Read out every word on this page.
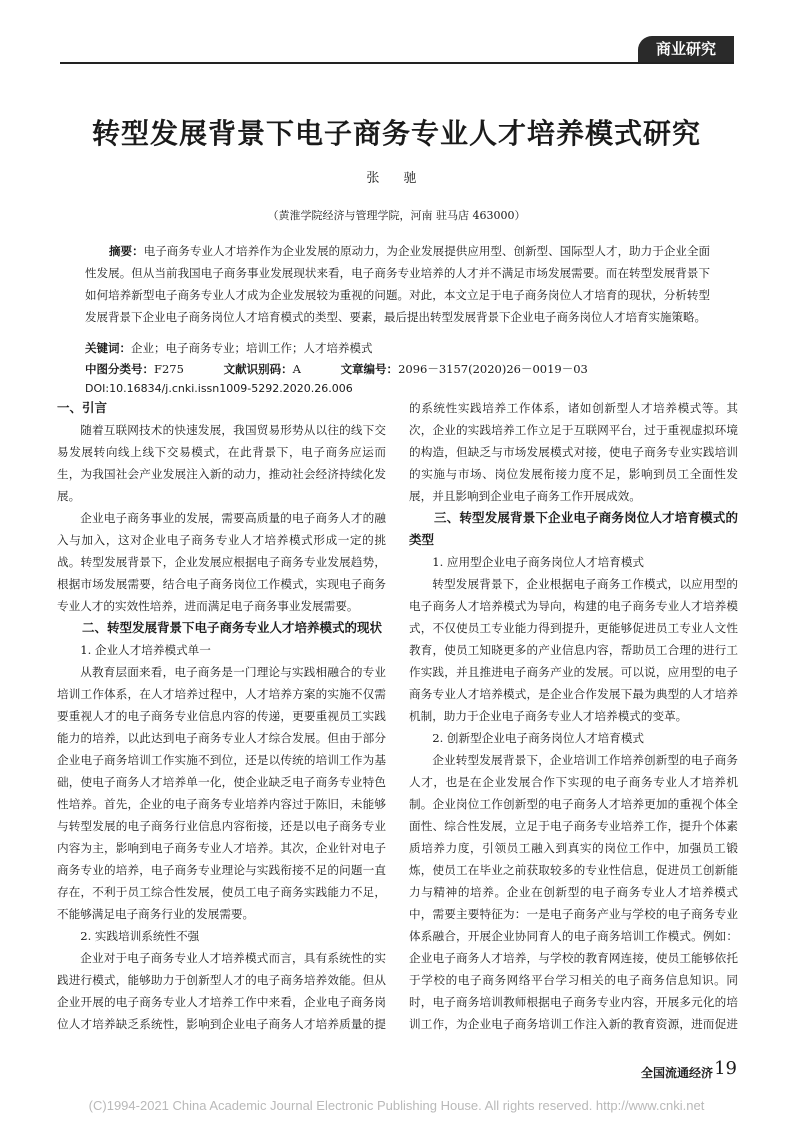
商业研究
转型发展背景下电子商务专业人才培养模式研究
张 驰
（黄淮学院经济与管理学院，河南 驻马店 463000）
摘要：电子商务专业人才培养作为企业发展的原动力，为企业发展提供应用型、创新型、国际型人才，助力于企业全面性发展。但从当前我国电子商务事业发展现状来看，电子商务专业培养的人才并不满足市场发展需要。而在转型发展背景下如何培养新型电子商务专业人才成为企业发展较为重视的问题。对此，本文立足于电子商务岗位人才培育的现状，分析转型发展背景下企业电子商务岗位人才培育模式的类型、要素，最后提出转型发展背景下企业电子商务岗位人才培育实施策略。
关键词：企业；电子商务专业；培训工作；人才培养模式
中图分类号：F275	文献识别码：A	文章编号：2096－3157(2020)26－0019－03
DOI:10.16834/j.cnki.issn1009-5292.2020.26.006

一、引言

随着互联网技术的快速发展，我国贸易形势从以往的线下交易发展转向线上线下交易模式，在此背景下，电子商务应运而生，为我国社会产业发展注入新的动力，推动社会经济持续化发展。

企业电子商务事业的发展，需要高质量的电子商务人才的融入与加入，这对企业电子商务专业人才培养模式形成一定的挑战。转型发展背景下，企业发展应根据电子商务专业发展趋势，根据市场发展需要，结合电子商务岗位工作模式，实现电子商务专业人才的实效性培养，进而满足电子商务事业发展需要。

二、转型发展背景下电子商务专业人才培养模式的现状

1. 企业人才培养模式单一

从教育层面来看，电子商务是一门理论与实践相融合的专业培训工作体系，在人才培养过程中，人才培养方案的实施不仅需要重视人才的电子商务专业信息内容的传递，更要重视员工实践能力的培养，以此达到电子商务专业人才综合发展。但由于部分企业电子商务培训工作实施不到位，还是以传统的培训工作为基础，使电子商务人才培养单一化，使企业缺乏电子商务专业特色性培养。首先，企业的电子商务专业培养内容过于陈旧，未能够与转型发展的电子商务行业信息内容衔接，还是以电子商务专业内容为主，影响到电子商务专业人才培养。其次，企业针对电子商务专业的培养，电子商务专业理论与实践衔接不足的问题一直存在，不利于员工综合性发展，使员工电子商务实践能力不足，不能够满足电子商务行业的发展需要。

2. 实践培训系统性不强

企业对于电子商务专业人才培养模式而言，具有系统性的实践进行模式，能够助力于创新型人才的电子商务培养效能。但从企业开展的电子商务专业人才培养工作中来看，企业电子商务岗位人才培养缺乏系统性，影响到企业电子商务人才培养质量的提

的系统性实践培养工作体系，诸如创新型人才培养模式等。其次，企业的实践培养工作立足于互联网平台，过于重视虚拟环境的构造，但缺乏与市场发展模式对接，使电子商务专业实践培训的实施与市场、岗位发展衔接力度不足，影响到员工全面性发展，并且影响到企业电子商务工作开展成效。

三、转型发展背景下企业电子商务岗位人才培育模式的类型

1. 应用型企业电子商务岗位人才培育模式

转型发展背景下，企业根据电子商务工作模式，以应用型的电子商务人才培养模式为导向，构建的电子商务专业人才培养模式，不仅使员工专业能力得到提升，更能够促进员工专业人文性教育，使员工知晓更多的产业信息内容，帮助员工合理的进行工作实践，并且推进电子商务产业的发展。可以说，应用型的电子商务专业人才培养模式，是企业合作发展下最为典型的人才培养机制，助力于企业电子商务专业人才培养模式的变革。

2. 创新型企业电子商务岗位人才培育模式

企业转型发展背景下，企业培训工作培养创新型的电子商务人才，也是在企业发展合作下实现的电子商务专业人才培养机制。企业岗位工作创新型的电子商务人才培养更加的重视个体全面性、综合性发展，立足于电子商务专业培养工作，提升个体素质培养力度，引领员工融入到真实的岗位工作中，加强员工锻炼，使员工在毕业之前获取较多的专业性信息，促进员工创新能力与精神的培养。企业在创新型的电子商务专业人才培养模式中，需要主要特征为：一是电子商务产业与学校的电子商务专业体系融合，开展企业协同育人的电子商务培训工作模式。例如：企业电子商务人才培养，与学校的教育网连接，使员工能够依托于学校的电子商务网络平台学习相关的电子商务信息知识。同时，电子商务培训教师根据电子商务专业内容，开展多元化的培训工作，为企业电子商务培训工作注入新的教育资源，进而促进

全国流通经济 19
(C)1994-2021 China Academic Journal Electronic Publishing House. All rights reserved. http://www.cnki.net
